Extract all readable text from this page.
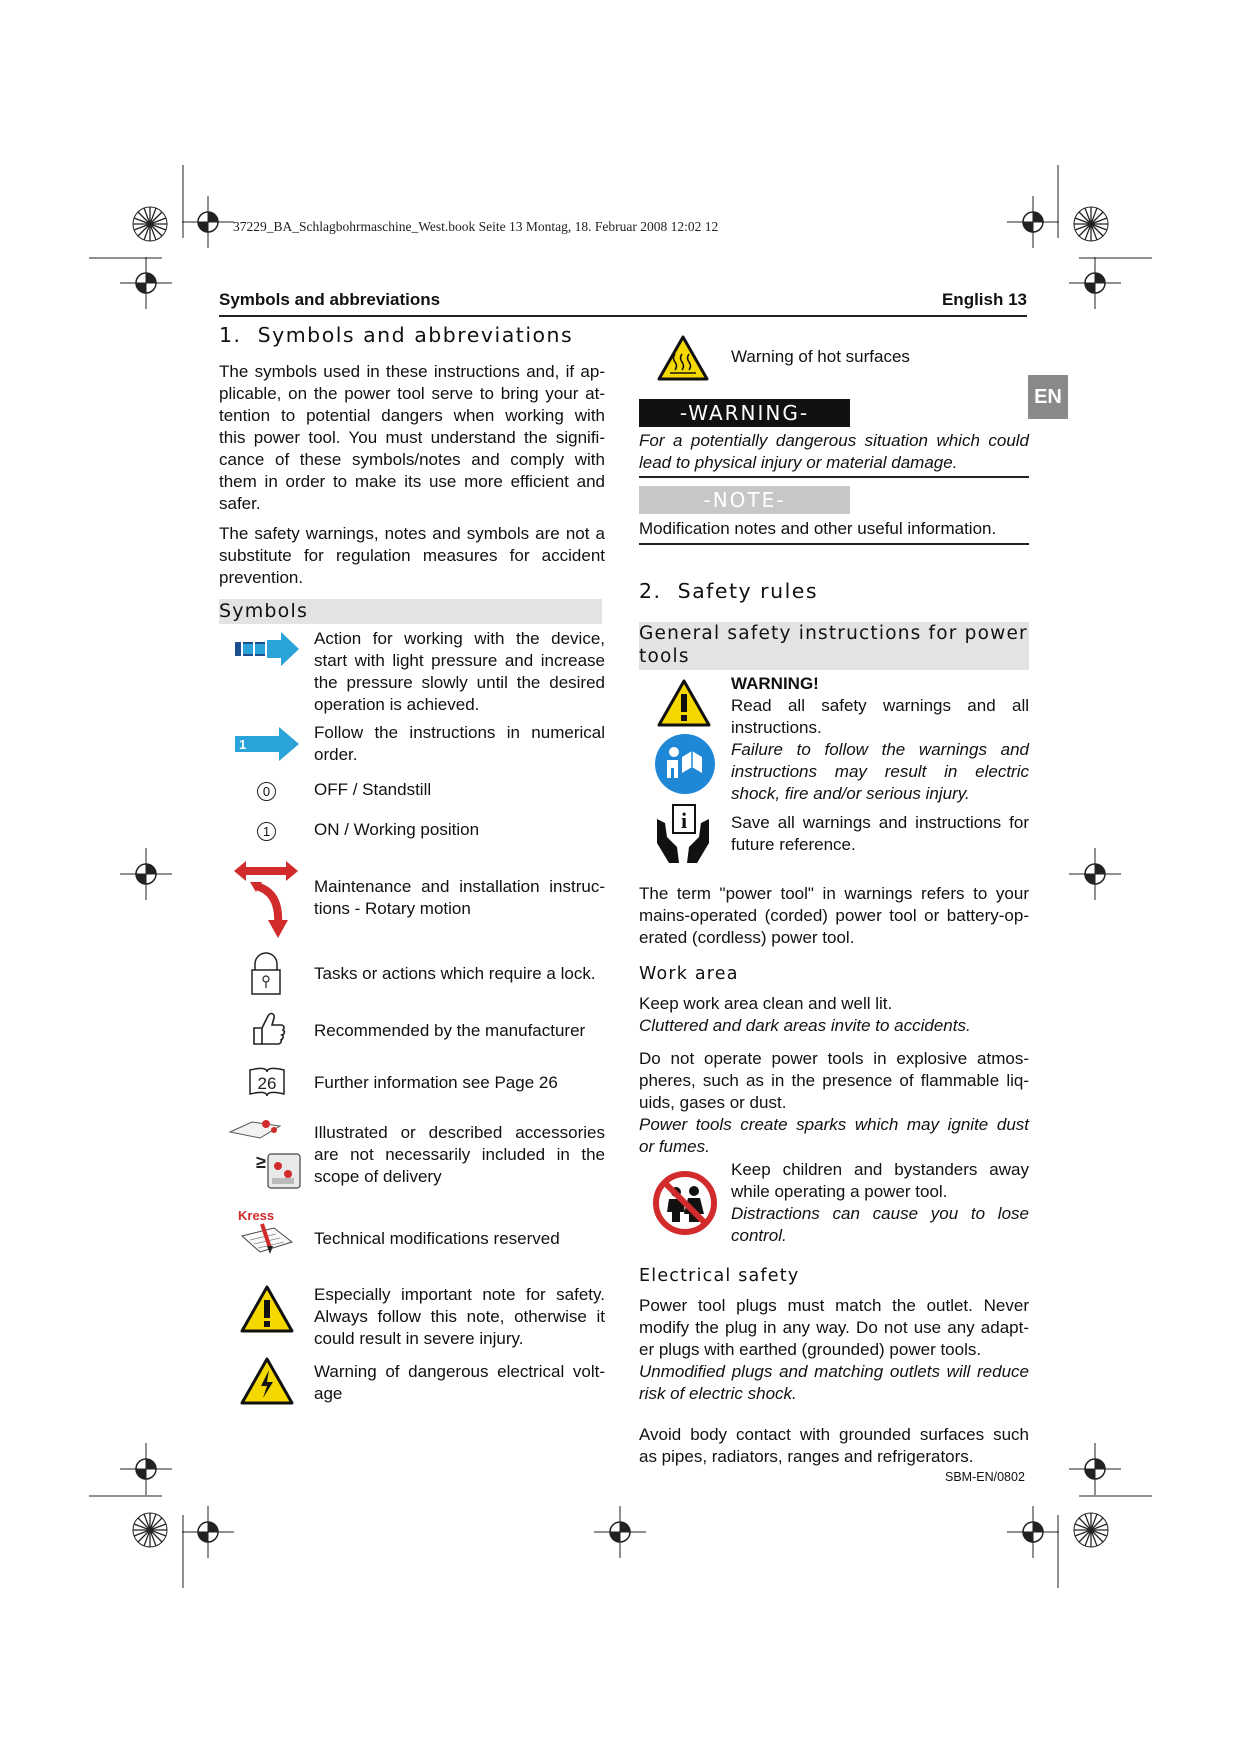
37229_BA_Schlagbohrmaschine_West.book Seite 13 Montag, 18. Februar 2008 12:02 12
Symbols and abbreviations	English 13
EN
1. Symbols and abbreviations
The symbols used in these instructions and, if ap-
plicable, on the power tool serve to bring your at-
tention to potential dangers when working with
this power tool. You must understand the signifi-
cance of these symbols/notes and comply with
them in order to make its use more efficient and
safer.
The safety warnings, notes and symbols are not a
substitute for regulation measures for accident
prevention.
Symbols
Action for working with the device,
start with light pressure and increase
the pressure slowly until the desired
operation is achieved.
1
Follow the instructions in numerical
order.
0	OFF / Standstill
1	ON / Working position
Maintenance and installation instruc-
tions - Rotary motion
Tasks or actions which require a lock.
Recommended by the manufacturer
26 Further information see Page 26
≥
Illustrated or described accessories
are not necessarily included in the
scope of delivery
Kress
Technical modifications reserved
Especially important note for safety.
Always follow this note, otherwise it
could result in severe injury.
Warning of dangerous electrical volt-
age
Warning of hot surfaces
-WARNING-
For a potentially dangerous situation which could
lead to physical injury or material damage.
-NOTE-
Modification notes and other useful information.
2. Safety rules
General safety instructions for power
tools
WARNING!
Read all safety warnings and all
instructions.
Failure to follow the warnings and
instructions may result in electric
shock, fire and/or serious injury.
i	Save all warnings and instructions for
future reference.
The term "power tool" in warnings refers to your
mains-operated (corded) power tool or battery-op-
erated (cordless) power tool.
Work area
Keep work area clean and well lit.
Cluttered and dark areas invite to accidents.
Do not operate power tools in explosive atmos-
pheres, such as in the presence of flammable liq-
uids, gases or dust.
Power tools create sparks which may ignite dust
or fumes.
Keep children and bystanders away
while operating a power tool.
Distractions can cause you to lose
control.
Electrical safety
Power tool plugs must match the outlet. Never
modify the plug in any way. Do not use any adapt-
er plugs with earthed (grounded) power tools.
Unmodified plugs and matching outlets will reduce
risk of electric shock.
Avoid body contact with grounded surfaces such
as pipes, radiators, ranges and refrigerators.
SBM-EN/0802
